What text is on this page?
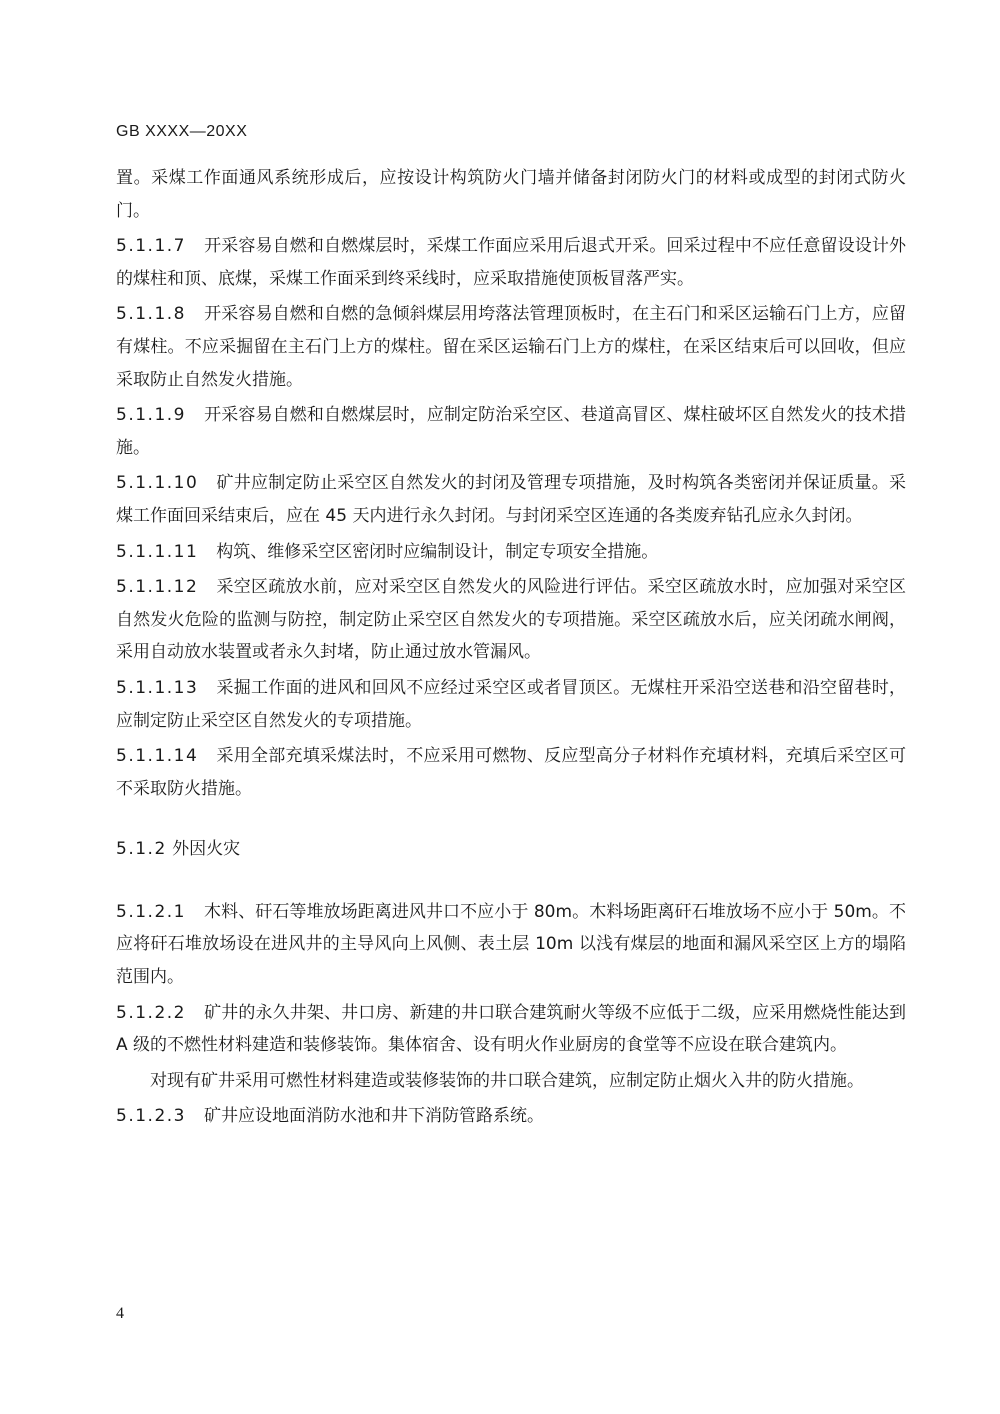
GB XXXX—20XX

置。采煤工作面通风系统形成后，应按设计构筑防火门墙并储备封闭防火门的材料或成型的封闭式防火门。

5.1.1.7 开采容易自燃和自燃煤层时，采煤工作面应采用后退式开采。回采过程中不应任意留设设计外的煤柱和顶、底煤，采煤工作面采到终采线时，应采取措施使顶板冒落严实。

5.1.1.8 开采容易自燃和自燃的急倾斜煤层用垮落法管理顶板时，在主石门和采区运输石门上方，应留有煤柱。不应采掘留在主石门上方的煤柱。留在采区运输石门上方的煤柱，在采区结束后可以回收，但应采取防止自然发火措施。

5.1.1.9 开采容易自燃和自燃煤层时，应制定防治采空区、巷道高冒区、煤柱破坏区自然发火的技术措施。

5.1.1.10 矿井应制定防止采空区自然发火的封闭及管理专项措施，及时构筑各类密闭并保证质量。采煤工作面回采结束后，应在 45 天内进行永久封闭。与封闭采空区连通的各类废弃钻孔应永久封闭。

5.1.1.11 构筑、维修采空区密闭时应编制设计，制定专项安全措施。

5.1.1.12 采空区疏放水前，应对采空区自然发火的风险进行评估。采空区疏放水时，应加强对采空区自然发火危险的监测与防控，制定防止采空区自然发火的专项措施。采空区疏放水后，应关闭疏水闸阀，采用自动放水装置或者永久封堵，防止通过放水管漏风。

5.1.1.13 采掘工作面的进风和回风不应经过采空区或者冒顶区。无煤柱开采沿空送巷和沿空留巷时，应制定防止采空区自然发火的专项措施。

5.1.1.14 采用全部充填采煤法时，不应采用可燃物、反应型高分子材料作充填材料，充填后采空区可不采取防火措施。

5.1.2 外因火灾

5.1.2.1 木料、矸石等堆放场距离进风井口不应小于 80m。木料场距离矸石堆放场不应小于 50m。不应将矸石堆放场设在进风井的主导风向上风侧、表土层 10m 以浅有煤层的地面和漏风采空区上方的塌陷范围内。

5.1.2.2 矿井的永久井架、井口房、新建的井口联合建筑耐火等级不应低于二级，应采用燃烧性能达到 A 级的不燃性材料建造和装修装饰。集体宿舍、设有明火作业厨房的食堂等不应设在联合建筑内。

对现有矿井采用可燃性材料建造或装修装饰的井口联合建筑，应制定防止烟火入井的防火措施。

5.1.2.3 矿井应设地面消防水池和井下消防管路系统。

4
